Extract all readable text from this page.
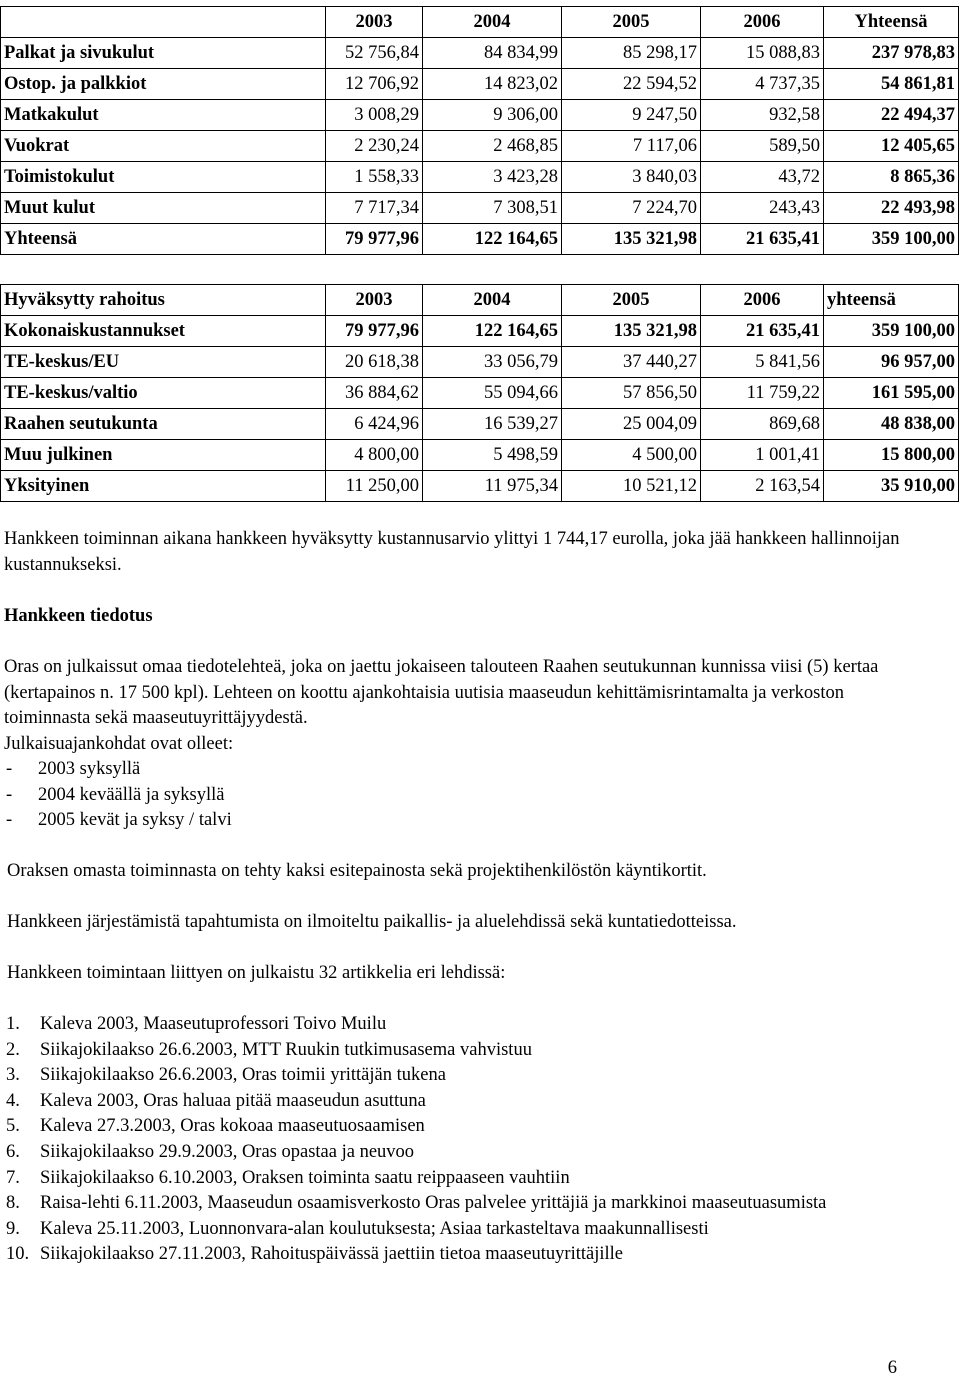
	2003	2004	2005	2006	Yhteensä
Palkat ja sivukulut	52 756,84	84 834,99	85 298,17	15 088,83	237 978,83
Ostop. ja palkkiot	12 706,92	14 823,02	22 594,52	4 737,35	54 861,81
Matkakulut	3 008,29	9 306,00	9 247,50	932,58	22 494,37
Vuokrat	2 230,24	2 468,85	7 117,06	589,50	12 405,65
Toimistokulut	1 558,33	3 423,28	3 840,03	43,72	8 865,36
Muut kulut	7 717,34	7 308,51	7 224,70	243,43	22 493,98
Yhteensä	79 977,96	122 164,65	135 321,98	21 635,41	359 100,00
Hyväksytty rahoitus	2003	2004	2005	2006	yhteensä
Kokonaiskustannukset	79 977,96	122 164,65	135 321,98	21 635,41	359 100,00
TE-keskus/EU	20 618,38	33 056,79	37 440,27	5 841,56	96 957,00
TE-keskus/valtio	36 884,62	55 094,66	57 856,50	11 759,22	161 595,00
Raahen seutukunta	6 424,96	16 539,27	25 004,09	869,68	48 838,00
Muu julkinen	4 800,00	5 498,59	4 500,00	1 001,41	15 800,00
Yksityinen	11 250,00	11 975,34	10 521,12	2 163,54	35 910,00

Hankkeen toiminnan aikana hankkeen hyväksytty kustannusarvio ylittyi 1 744,17 eurolla, joka jää hankkeen hallinnoijan kustannukseksi.

Hankkeen tiedotus

Oras on julkaissut omaa tiedotelehteä, joka on jaettu jokaiseen talouteen Raahen seutukunnan kunnissa viisi (5) kertaa (kertapainos n. 17 500 kpl). Lehteen on koottu ajankohtaisia uutisia maaseudun kehittämisrintamalta ja verkoston toiminnasta sekä maaseutuyrittäjyydestä.

Julkaisuajankohdat ovat olleet:

- 2003 syksyllä
- 2004 keväällä ja syksyllä
- 2005 kevät ja syksy / talvi

Oraksen omasta toiminnasta on tehty kaksi esitepainosta sekä projektihenkilöstön käyntikortit.

Hankkeen järjestämistä tapahtumista on ilmoiteltu paikallis- ja aluelehdissä sekä kuntatiedotteissa.

Hankkeen toimintaan liittyen on julkaistu 32 artikkelia eri lehdissä:

1. Kaleva 2003, Maaseutuprofessori Toivo Muilu
2. Siikajokilaakso 26.6.2003, MTT Ruukin tutkimusasema vahvistuu
3. Siikajokilaakso 26.6.2003, Oras toimii yrittäjän tukena
4. Kaleva 2003, Oras haluaa pitää maaseudun asuttuna
5. Kaleva 27.3.2003, Oras kokoaa maaseutuosaamisen
6. Siikajokilaakso 29.9.2003, Oras opastaa ja neuvoo
7. Siikajokilaakso 6.10.2003, Oraksen toiminta saatu reippaaseen vauhtiin
8. Raisa-lehti 6.11.2003, Maaseudun osaamisverkosto Oras palvelee yrittäjiä ja markkinoi maaseutuasumista
9. Kaleva 25.11.2003, Luonnonvara-alan koulutuksesta; Asiaa tarkasteltava maakunnallisesti
10. Siikajokilaakso 27.11.2003, Rahoituspäivässä jaettiin tietoa maaseutuyrittäjille
6
